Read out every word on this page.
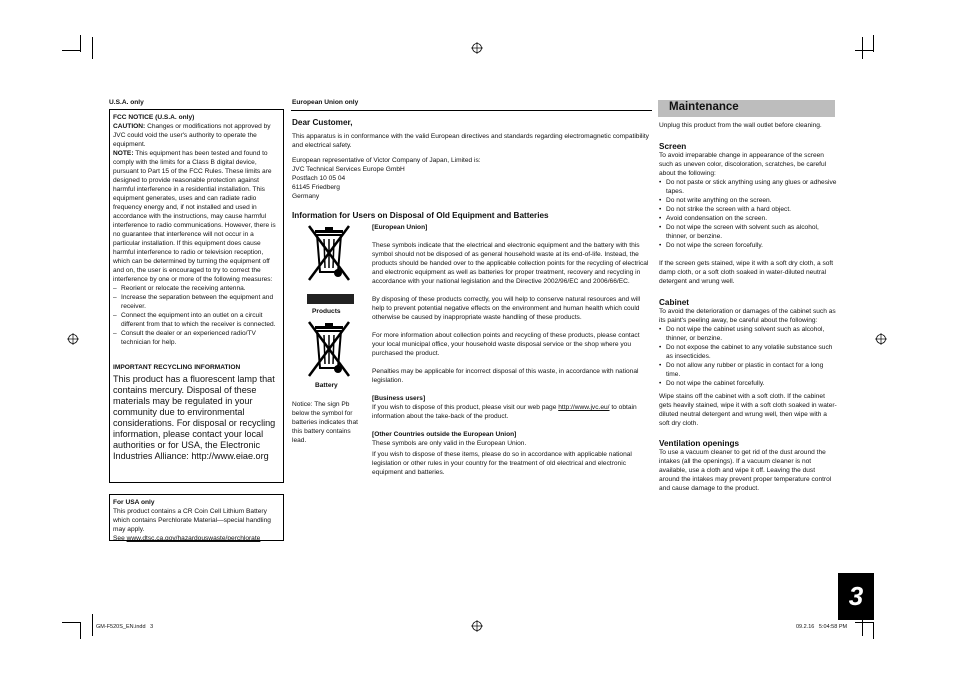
U.S.A. only
FCC NOTICE (U.S.A. only)

CAUTION: Changes or modifications not approved by JVC could void the user's authority to operate the equipment.

NOTE: This equipment has been tested and found to comply with the limits for a Class B digital device, pursuant to Part 15 of the FCC Rules. These limits are designed to provide reasonable protection against harmful interference in a residential installation. This equipment generates, uses and can radiate radio frequency energy and, if not installed and used in accordance with the instructions, may cause harmful interference to radio communications. However, there is no guarantee that interference will not occur in a particular installation. If this equipment does cause harmful interference to radio or television reception, which can be determined by turning the equipment off and on, the user is encouraged to try to correct the interference by one or more of the following measures:

– Reorient or relocate the receiving antenna.
– Increase the separation between the equipment and receiver.
– Connect the equipment into an outlet on a circuit different from that to which the receiver is connected.
– Consult the dealer or an experienced radio/TV technician for help.
IMPORTANT RECYCLING INFORMATION

This product has a fluorescent lamp that contains mercury. Disposal of these materials may be regulated in your community due to environmental considerations. For disposal or recycling information, please contact your local authorities or for USA, the Electronic Industries Alliance: http://www.eiae.org

For USA only

This product contains a CR Coin Cell Lithium Battery which contains Perchlorate Material—special handling may apply.

See www.dtsc.ca.gov/hazardouswaste/perchlorate

European Union only
Dear Customer,

This apparatus is in conformance with the valid European directives and standards regarding electromagnetic compatibility and electrical safety.

European representative of Victor Company of Japan, Limited is:
JVC Technical Services Europe GmbH
Postfach 10 05 04
61145 Friedberg
Germany
Information for Users on Disposal of Old Equipment and Batteries
Products
Battery

Notice: The sign Pb below the symbol for batteries indicates that this battery contains lead.

[European Union]

These symbols indicate that the electrical and electronic equipment and the battery with this symbol should not be disposed of as general household waste at its end-of-life. Instead, the products should be handed over to the applicable collection points for the recycling of electrical and electronic equipment as well as batteries for proper treatment, recovery and recycling in accordance with your national legislation and the Directive 2002/96/EC and 2006/66/EC.

By disposing of these products correctly, you will help to conserve natural resources and will help to prevent potential negative effects on the environment and human health which could otherwise be caused by inappropriate waste handling of these products.

For more information about collection points and recycling of these products, please contact your local municipal office, your household waste disposal service or the shop where you purchased the product.

Penalties may be applicable for incorrect disposal of this waste, in accordance with national legislation.

[Business users]

If you wish to dispose of this product, please visit our web page http://www.jvc.eu/ to obtain information about the take-back of the product.

[Other Countries outside the European Union]

These symbols are only valid in the European Union.

If you wish to dispose of these items, please do so in accordance with applicable national legislation or other rules in your country for the treatment of old electrical and electronic equipment and batteries.

Maintenance

Unplug this product from the wall outlet before cleaning.

Screen

To avoid irreparable change in appearance of the screen such as uneven color, discoloration, scratches, be careful about the following:

• Do not paste or stick anything using any glues or adhesive tapes.
• Do not write anything on the screen.
• Do not strike the screen with a hard object.
• Avoid condensation on the screen.
• Do not wipe the screen with solvent such as alcohol, thinner, or benzine.
• Do not wipe the screen forcefully.

If the screen gets stained, wipe it with a soft dry cloth, a soft damp cloth, or a soft cloth soaked in water-diluted neutral detergent and wrung well.

Cabinet

To avoid the deterioration or damages of the cabinet such as its paint's peeling away, be careful about the following:

• Do not wipe the cabinet using solvent such as alcohol, thinner, or benzine.
• Do not expose the cabinet to any volatile substance such as insecticides.
• Do not allow any rubber or plastic in contact for a long time.
• Do not wipe the cabinet forcefully.

Wipe stains off the cabinet with a soft cloth. If the cabinet gets heavily stained, wipe it with a soft cloth soaked in water-diluted neutral detergent and wrung well, then wipe with a soft dry cloth.

Ventilation openings

To use a vacuum cleaner to get rid of the dust around the intakes (all the openings). If a vacuum cleaner is not available, use a cloth and wipe it off. Leaving the dust around the intakes may prevent proper temperature control and cause damage to the product.

3
GM-F520S_EN.indd   3	09.2.16   5:04:58 PM
